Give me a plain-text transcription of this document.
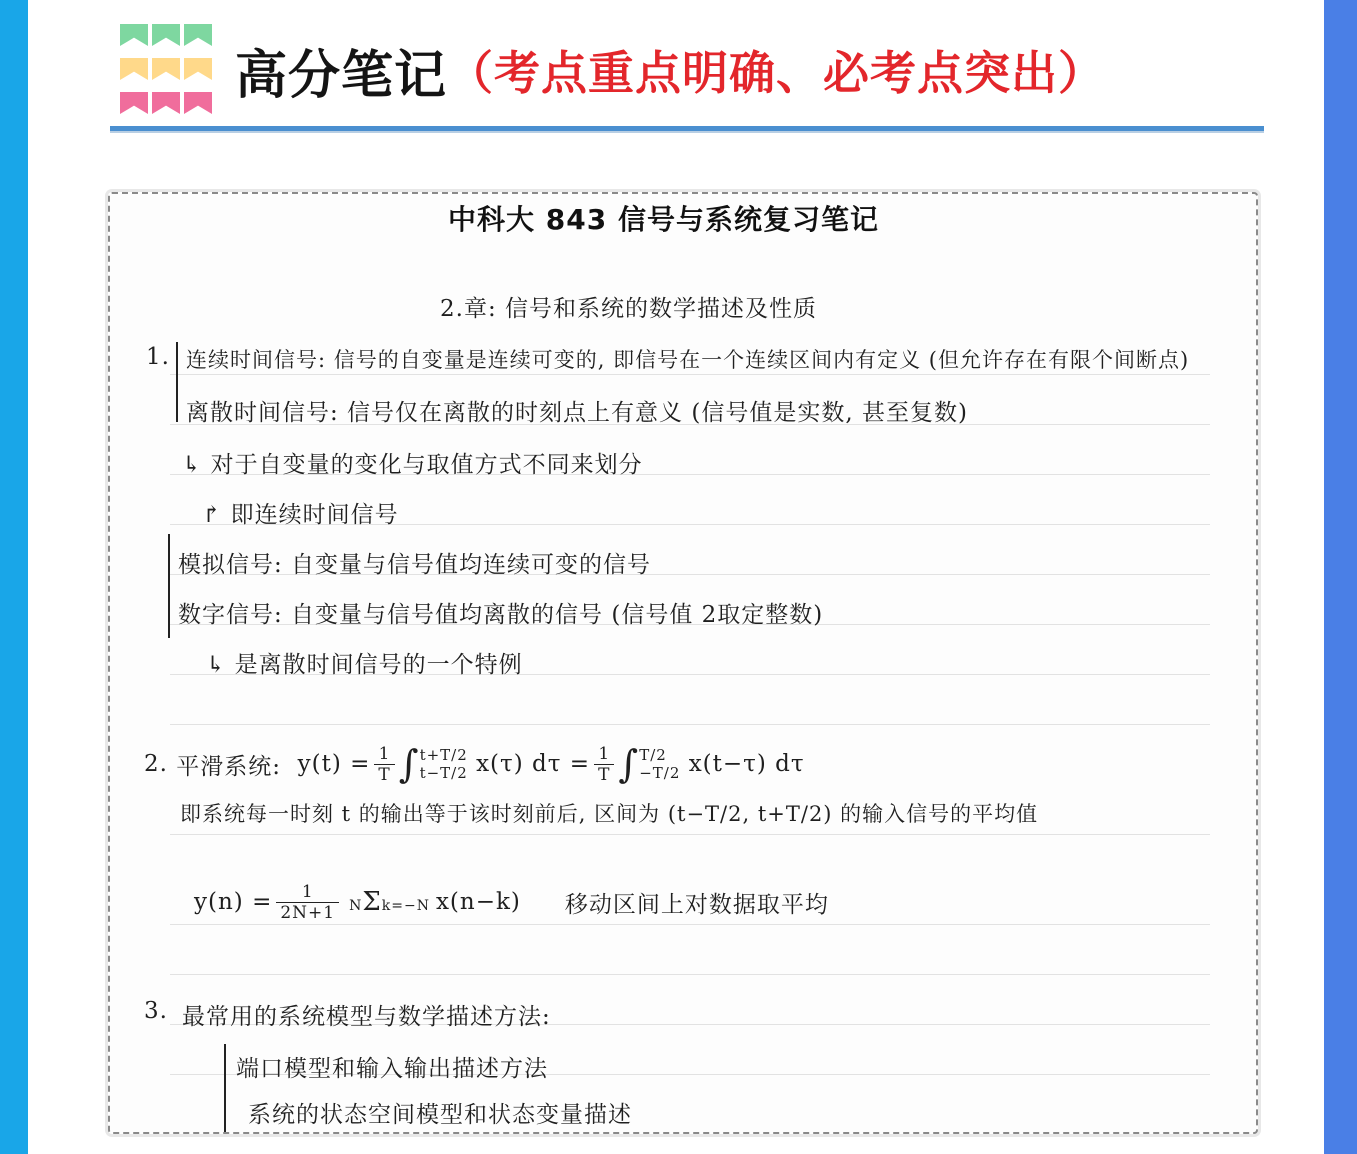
高分笔记 （考点重点明确、必考点突出）
中科大 843 信号与系统复习笔记
2.章: 信号和系统的数学描述及性质
1. 连续时间信号: 信号的自变量是连续可变的, 即信号在一个连续区间内有定义 (但允许存在有限个间断点)
离散时间信号: 信号仅在离散的时刻点上有意义 (信号值是实数, 甚至复数)
↳ 对于自变量的变化与取值方式不同来划分
↱ 即连续时间信号
模拟信号: 自变量与信号值均连续可变的信号
数字信号: 自变量与信号值均离散的信号 (信号值 2取定整数)
↳ 是离散时间信号的一个特例
2.
平滑系统:
$y(t) = \frac{1}{T}$ ∫ t+T/2
t−T/2
x(τ) $d\tau = \frac{1}{T}$ ∫ T/2
−T/2
x(t−τ) dτ
即系统每一时刻 t 的输出等于该时刻前后, 区间为 (t−T/2, t+T/2) 的输入信号的平均值
$y(n) = \frac{1}{2N+1} N\Sigma k=-N$ x(n−k) 移动区间上对数据取平均
3. 最常用的系统模型与数学描述方法:
端口模型和输入输出描述方法
系统的状态空间模型和状态变量描述
